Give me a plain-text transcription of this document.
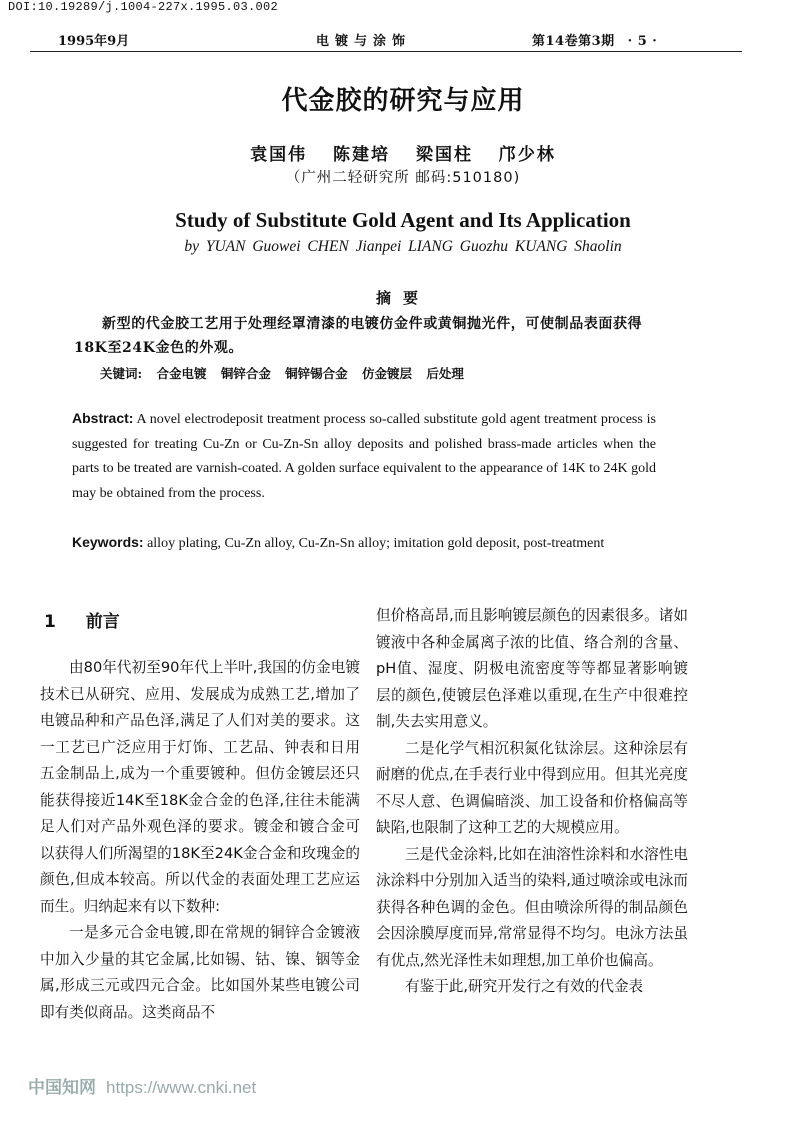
DOI:10.19289/j.1004-227x.1995.03.002
1995年9月	电镀与涂饰	第14卷第3期 · 5 ·
代金胶的研究与应用
袁国伟 陈建培 梁国柱 邝少林
（广州二轻研究所 邮码:510180)
Study of Substitute Gold Agent and Its Application
by YUAN Guowei CHEN Jianpei LIANG Guozhu KUANG Shaolin
摘要
新型的代金胶工艺用于处理经罩清漆的电镀仿金件或黄铜抛光件，可使制品表面获得18K至24K金色的外观。
关键词: 合金电镀 铜锌合金 铜锌锡合金 仿金镀层 后处理
Abstract: A novel electrodeposit treatment process so-called substitute gold agent treatment process is suggested for treating Cu-Zn or Cu-Zn-Sn alloy deposits and polished brass-made articles when the parts to be treated are varnish-coated. A golden surface equivalent to the appearance of 14K to 24K gold may be obtained from the process.
Keywords: alloy plating, Cu-Zn alloy, Cu-Zn-Sn alloy; imitation gold deposit, post-treatment
1 前言

由80年代初至90年代上半叶,我国的仿金电镀技术已从研究、应用、发展成为成熟工艺,增加了电镀品种和产品色泽,满足了人们对美的要求。这一工艺已广泛应用于灯饰、工艺品、钟表和日用五金制品上,成为一个重要镀种。但仿金镀层还只能获得接近14K至18K金合金的色泽,往往未能满足人们对产品外观色泽的要求。镀金和镀合金可以获得人们所渴望的18K至24K金合金和玫瑰金的颜色,但成本较高。所以代金的表面处理工艺应运而生。归纳起来有以下数种:

一是多元合金电镀,即在常规的铜锌合金镀液中加入少量的其它金属,比如锡、钴、镍、铟等金属,形成三元或四元合金。比如国外某些电镀公司即有类似商品。这类商品不

但价格高昂,而且影响镀层颜色的因素很多。诸如镀液中各种金属离子浓的比值、络合剂的含量、pH值、湿度、阴极电流密度等等都显著影响镀层的颜色,使镀层色泽难以重现,在生产中很难控制,失去实用意义。

二是化学气相沉积氮化钛涂层。这种涂层有耐磨的优点,在手表行业中得到应用。但其光亮度不尽人意、色调偏暗淡、加工设备和价格偏高等缺陷,也限制了这种工艺的大规模应用。

三是代金涂料,比如在油溶性涂料和水溶性电泳涂料中分别加入适当的染料,通过喷涂或电泳而获得各种色调的金色。但由喷涂所得的制品颜色会因涂膜厚度而异,常常显得不均匀。电泳方法虽有优点,然光泽性未如理想,加工单价也偏高。

有鉴于此,研究开发行之有效的代金表

中国知网 https://www.cnki.net
